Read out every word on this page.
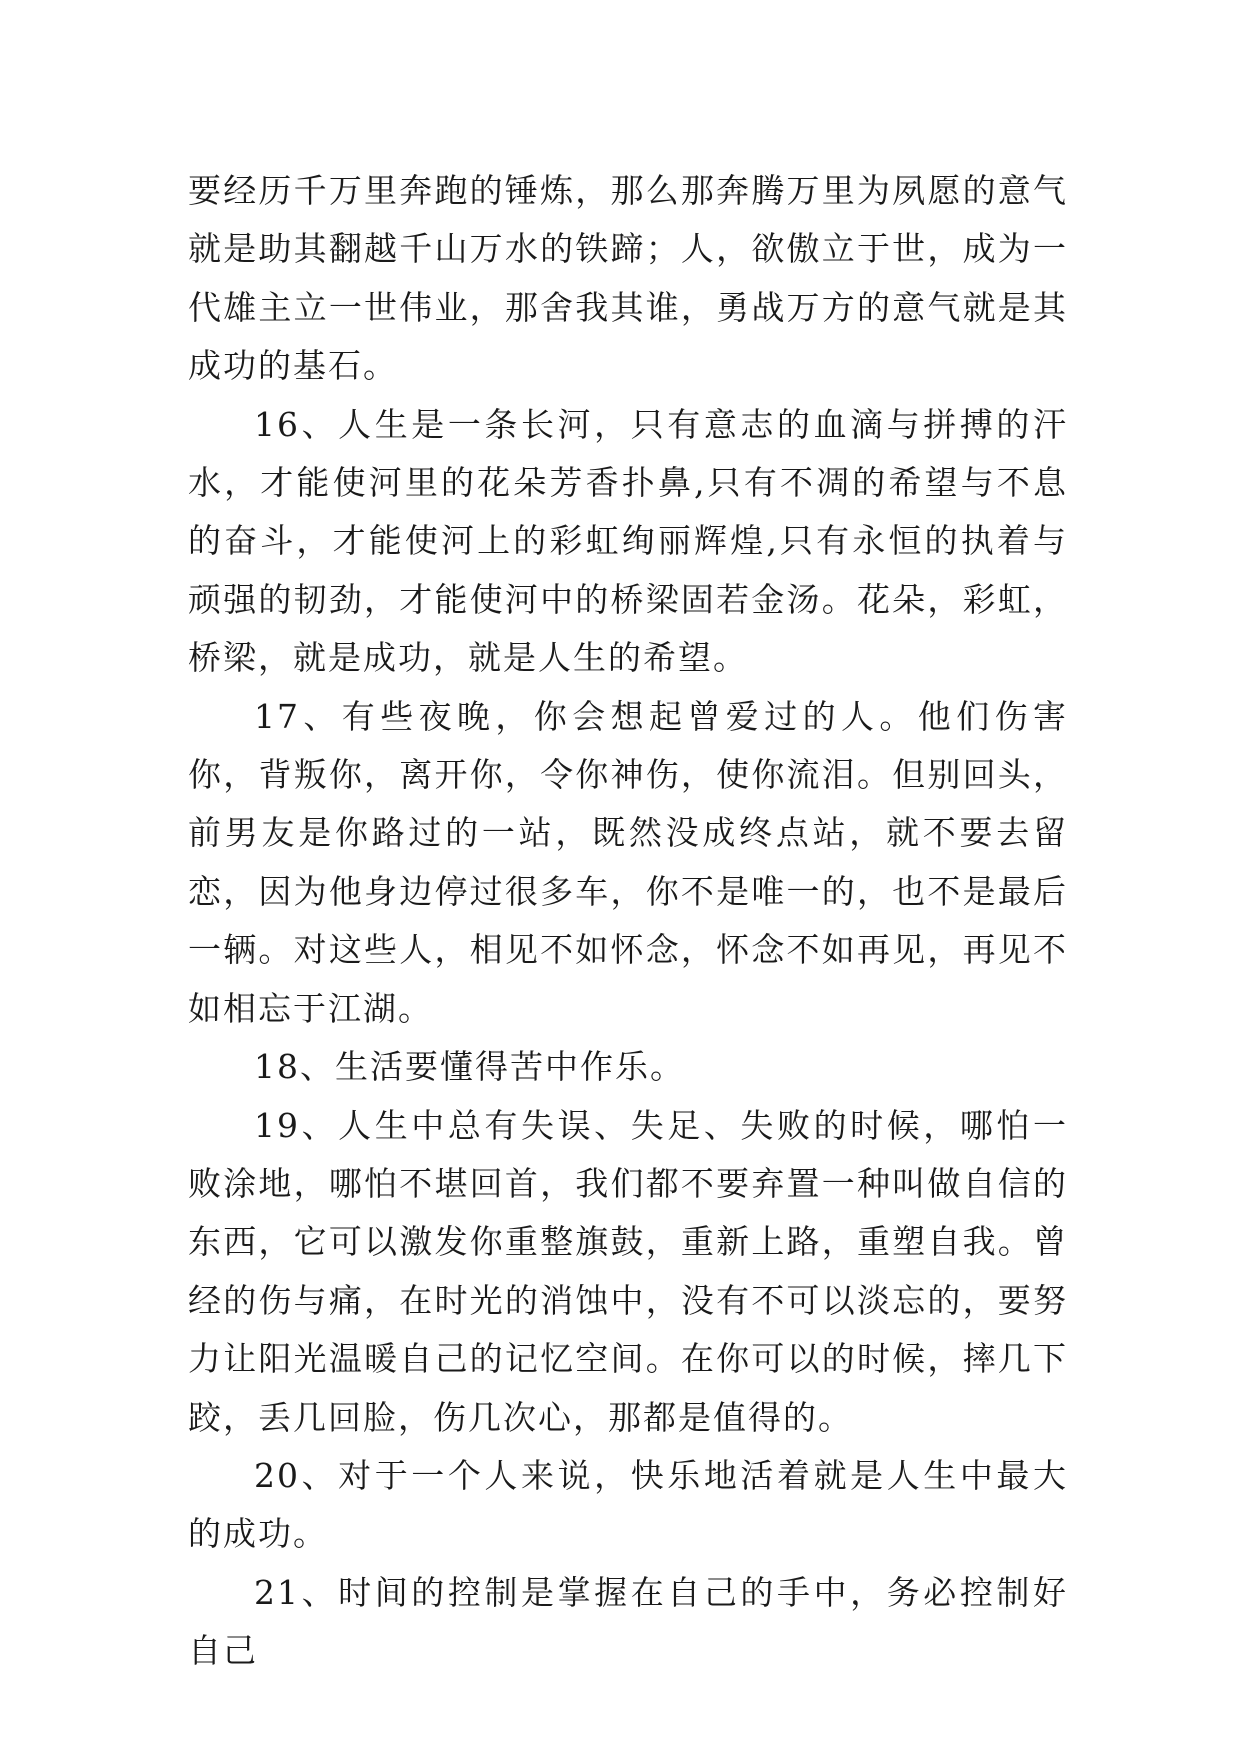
要经历千万里奔跑的锤炼，那么那奔腾万里为夙愿的意气就是助其翻越千山万水的铁蹄；人，欲傲立于世，成为一代雄主立一世伟业，那舍我其谁，勇战万方的意气就是其成功的基石。

16、人生是一条长河，只有意志的血滴与拼搏的汗水，才能使河里的花朵芳香扑鼻,只有不凋的希望与不息的奋斗，才能使河上的彩虹绚丽辉煌,只有永恒的执着与顽强的韧劲，才能使河中的桥梁固若金汤。花朵，彩虹，桥梁，就是成功，就是人生的希望。

17、有些夜晚，你会想起曾爱过的人。他们伤害你，背叛你，离开你，令你神伤，使你流泪。但别回头，前男友是你路过的一站，既然没成终点站，就不要去留恋，因为他身边停过很多车，你不是唯一的，也不是最后一辆。对这些人，相见不如怀念，怀念不如再见，再见不如相忘于江湖。

18、生活要懂得苦中作乐。

19、人生中总有失误、失足、失败的时候，哪怕一败涂地，哪怕不堪回首，我们都不要弃置一种叫做自信的东西，它可以激发你重整旗鼓，重新上路，重塑自我。曾经的伤与痛，在时光的消蚀中，没有不可以淡忘的，要努力让阳光温暖自己的记忆空间。在你可以的时候，摔几下跤，丢几回脸，伤几次心，那都是值得的。

20、对于一个人来说，快乐地活着就是人生中最大的成功。

21、时间的控制是掌握在自己的手中，务必控制好自己
